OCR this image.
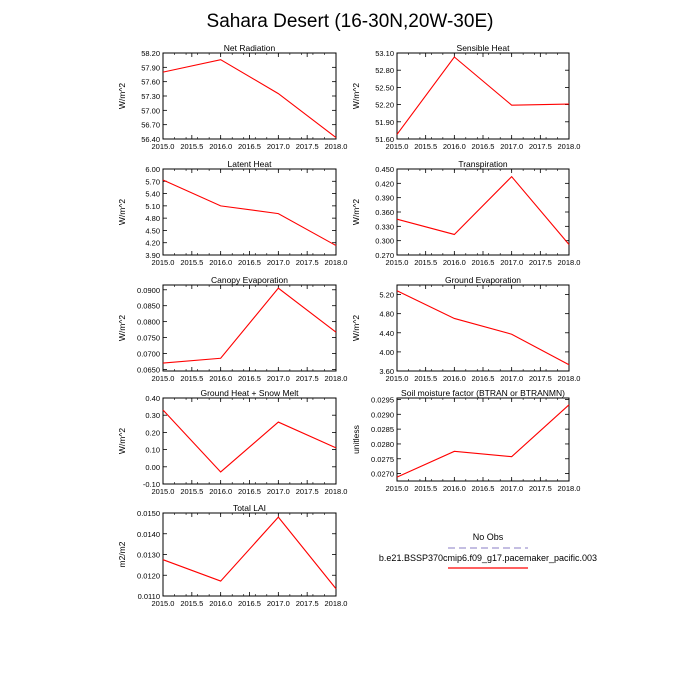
Sahara Desert (16-30N,20W-30E)
Net Radiation
2015.0 2015.5 2016.0 2016.5 2017.0 2017.5 2018.0
58.20
57.90
57.60
57.30
57.00
56.70
56.40
W/m^2
Sensible Heat
2015.0 2015.5 2016.0 2016.5 2017.0 2017.5 2018.0
53.10
52.80
52.50
52.20
51.90
51.60
W/m^2
Latent Heat
2015.0 2015.5 2016.0 2016.5 2017.0 2017.5 2018.0
6.00
5.70
5.40
5.10
4.80
4.50
4.20
3.90
W/m^2
Transpiration
2015.0 2015.5 2016.0 2016.5 2017.0 2017.5 2018.0
0.450
0.420
0.390
0.360
0.330
0.300
0.270
W/m^2
Canopy Evaporation
2015.0 2015.5 2016.0 2016.5 2017.0 2017.5 2018.0
0.0900
0.0850
0.0800
0.0750
0.0700
0.0650
W/m^2
Ground Evaporation
2015.0 2015.5 2016.0 2016.5 2017.0 2017.5 2018.0
5.20
4.80
4.40
4.00
3.60
W/m^2
Ground Heat + Snow Melt
2015.0 2015.5 2016.0 2016.5 2017.0 2017.5 2018.0
0.40
0.30
0.20
0.10
0.00
-0.10
W/m^2
Soil moisture factor (BTRAN or BTRANMN)
2015.0 2015.5 2016.0 2016.5 2017.0 2017.5 2018.0
0.0295
0.0290
0.0285
0.0280
0.0275
0.0270
unitless
Total LAI
2015.0 2015.5 2016.0 2016.5 2017.0 2017.5 2018.0
0.0150
0.0140
0.0130
0.0120
0.0110
m2/m2
No Obs
b.e21.BSSP370cmip6.f09_g17.pacemaker_pacific.003
